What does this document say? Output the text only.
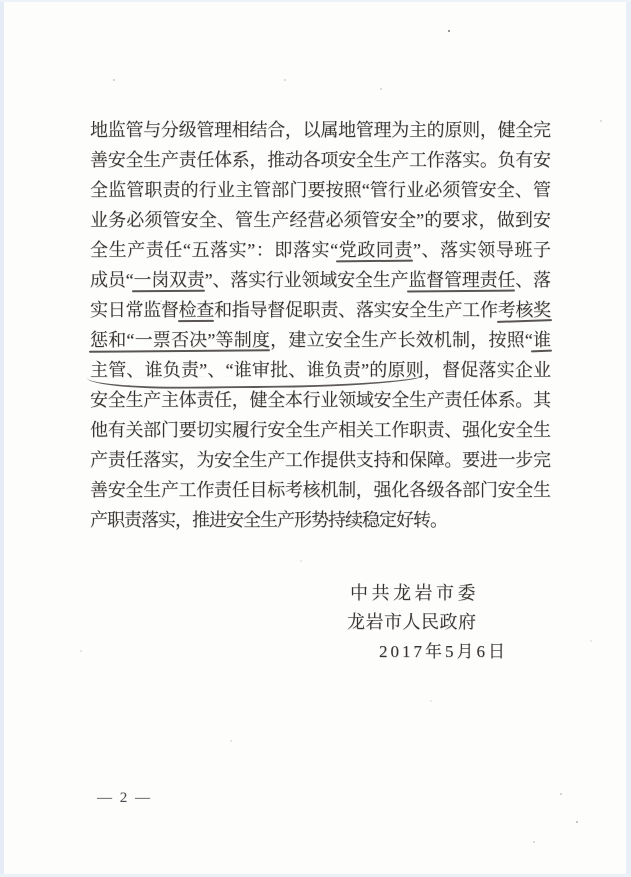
地监管与分级管理相结合，以属地管理为主的原则，健全完
善安全生产责任体系，推动各项安全生产工作落实。负有安
全监管职责的行业主管部门要按照“管行业必须管安全、管
业务必须管安全、管生产经营必须管安全”的要求，做到安
全生产责任“五落实”：即落实“党政同责”、落实领导班子
成员“一岗双责”、落实行业领域安全生产监督管理责任、落
实日常监督检查和指导督促职责、落实安全生产工作考核奖
惩和“一票否决”等制度，建立安全生产长效机制，按照“谁
主管、谁负责”、“谁审批、谁负责”的原则，督促落实企业
安全生产主体责任，健全本行业领域安全生产责任体系。其
他有关部门要切实履行安全生产相关工作职责、强化安全生
产责任落实，为安全生产工作提供支持和保障。要进一步完
善安全生产工作责任目标考核机制，强化各级各部门安全生
产职责落实，推进安全生产形势持续稳定好转。
中共龙岩市委
龙岩市人民政府
2017年5月6日
— 2 —
